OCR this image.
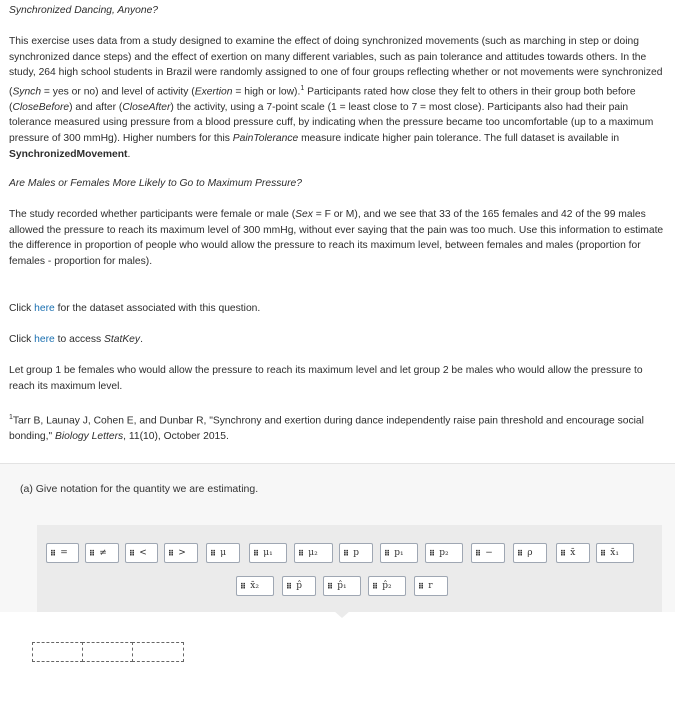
Synchronized Dancing, Anyone?

This exercise uses data from a study designed to examine the effect of doing synchronized movements (such as marching in step or doing synchronized dance steps) and the effect of exertion on many different variables, such as pain tolerance and attitudes towards others. In the study, 264 high school students in Brazil were randomly assigned to one of four groups reflecting whether or not movements were synchronized (Synch = yes or no) and level of activity (Exertion = high or low).$^1$ Participants rated how close they felt to others in their group both before (CloseBefore) and after (CloseAfter) the activity, using a 7-point scale (1 = least close to 7 = most close). Participants also had their pain tolerance measured using pressure from a blood pressure cuff, by indicating when the pressure became too uncomfortable (up to a maximum pressure of 300 mmHg). Higher numbers for this PainTolerance measure indicate higher pain tolerance. The full dataset is available in SynchronizedMovement.

Are Males or Females More Likely to Go to Maximum Pressure?

The study recorded whether participants were female or male (Sex = F or M), and we see that 33 of the 165 females and 42 of the 99 males allowed the pressure to reach its maximum level of 300 mmHg, without ever saying that the pain was too much. Use this information to estimate the difference in proportion of people who would allow the pressure to reach its maximum level, between females and males (proportion for females - proportion for males).

Click here for the dataset associated with this question.

Click here to access StatKey.

Let group 1 be females who would allow the pressure to reach its maximum level and let group 2 be males who would allow the pressure to reach its maximum level.

$^1$Tarr B, Launay J, Cohen E, and Dunbar R, "Synchrony and exertion during dance independently raise pain threshold and encourage social bonding," Biology Letters, 11(10), October 2015.

(a) Give notation for the quantity we are estimating.
⠿ =	⠿ ≠	⠿ <	⠿ >	⠿ μ	⠿ μ₁	⠿ μ₂	⠿ p	⠿ p₁	⠿ p₂	⠿ −	⠿ ρ	⠿ x̄	⠿ x̄₁
⠿ x̄₂	⠿ p̂	⠿ p̂₁	⠿ p̂₂	⠿ r
